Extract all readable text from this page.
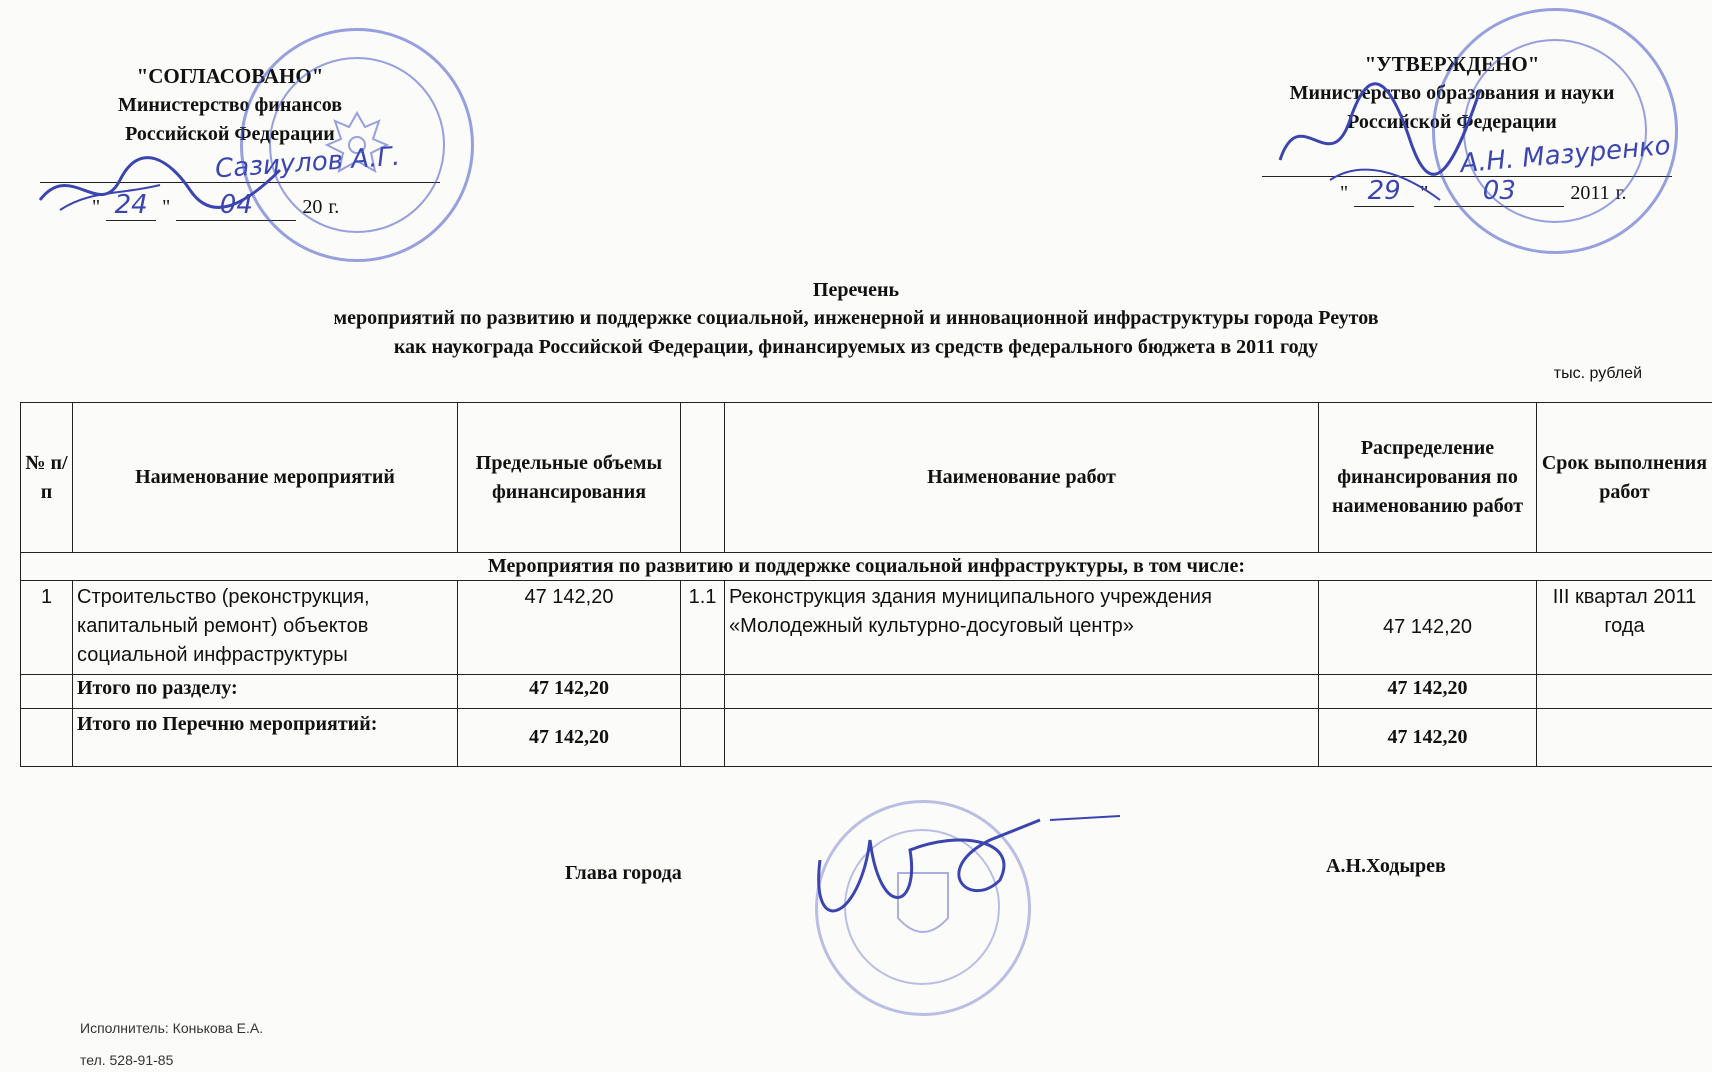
"СОГЛАСОВАНО"
Министерство финансов
Российской Федерации
Сазиулов А.Г.
" 24 "	04	20 г.
"УТВЕРЖДЕНО"
Министерство образования и науки
Российской Федерации
А.Н. Мазуренко
" 29 "	03	2011 г.
Перечень
мероприятий по развитию и поддержке социальной, инженерной и инновационной инфраструктуры города Реутов
как наукограда Российской Федерации, финансируемых из средств федерального бюджета в 2011 году
тыс. рублей
№ п/п	Наименование мероприятий	Предельные объемы финансирования		Наименование работ	Распределение финансирования по наименованию работ	Срок выполнения работ
Мероприятия по развитию и поддержке социальной инфраструктуры, в том числе:						
1	Строительство (реконструкция, капитальный ремонт) объектов социальной инфраструктуры	47 142,20	1.1	Реконструкция здания муниципального учреждения «Молодежный культурно-досуговый центр»	47 142,20	III квартал 2011 года
	Итого по разделу:	47 142,20			47 142,20	
	Итого по Перечню мероприятий:	47 142,20			47 142,20	
Глава города	А.Н.Ходырев
Исполнитель: Конькова Е.А.
тел. 528-91-85
